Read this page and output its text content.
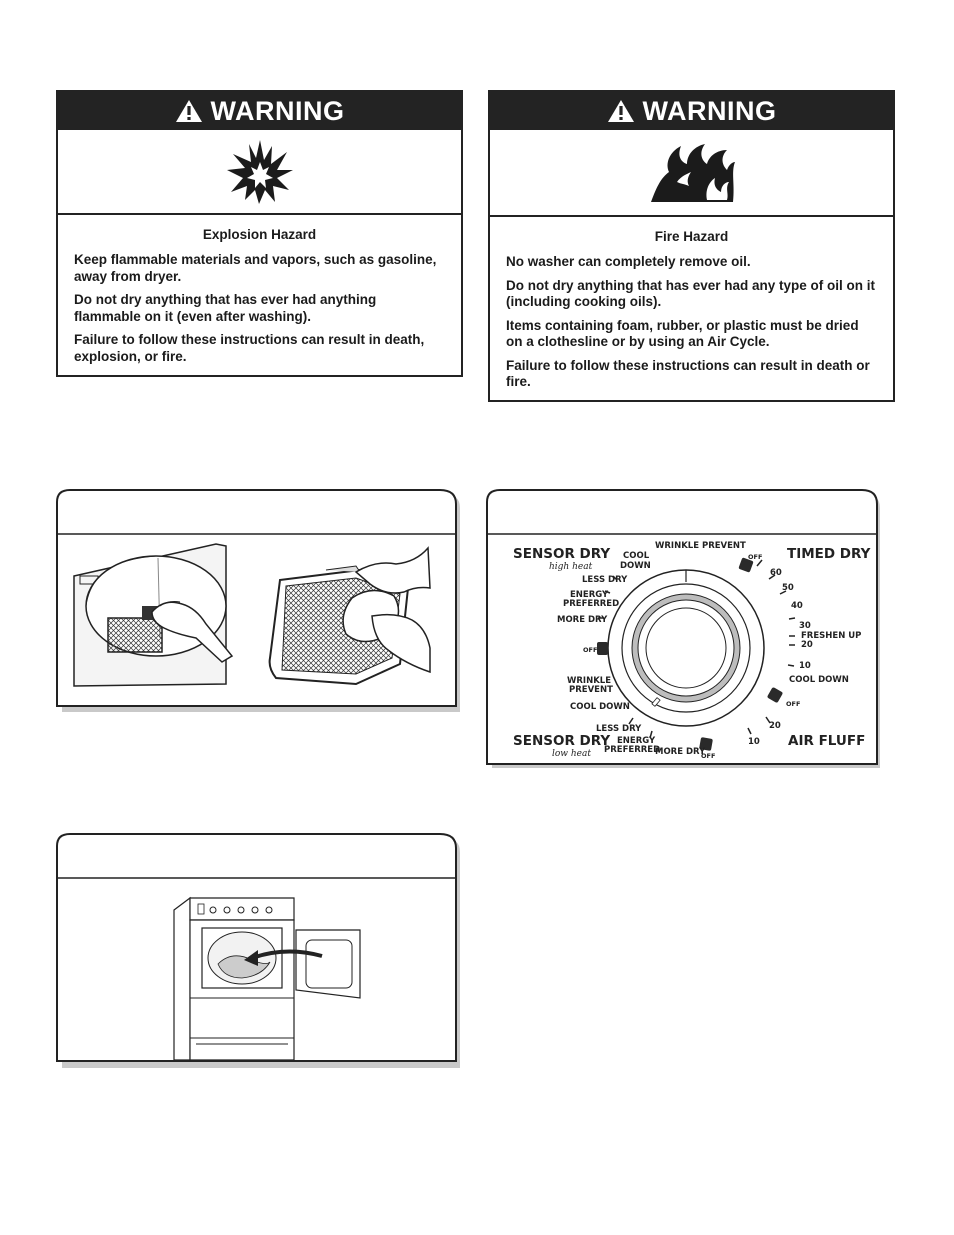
WARNING

Explosion Hazard

Keep flammable materials and vapors, such as gasoline, away from dryer.

Do not dry anything that has ever had anything flammable on it (even after washing).

Failure to follow these instructions can result in death, explosion, or fire.

WARNING

Fire Hazard

No washer can completely remove oil.

Do not dry anything that has ever had any type of oil on it (including cooking oils).

Items containing foam, rubber, or plastic must be dried on a clothesline or by using an Air Cycle.

Failure to follow these instructions can result in death or fire.

SENSOR DRY
high heat
COOL
DOWN
LESS DRY
ENERGY
PREFERRED
MORE DRY
OFF
WRINKLE
PREVENT
COOL DOWN
LESS DRY
ENERGY
PREFERRED
SENSOR DRY
low heat	MORE DRY
OFF
WRINKLE PREVENT
OFF TIMED DRY
60
50
40
30
FRESHEN UP
20
10
COOL DOWN
OFF
20
10 AIR FLUFF
